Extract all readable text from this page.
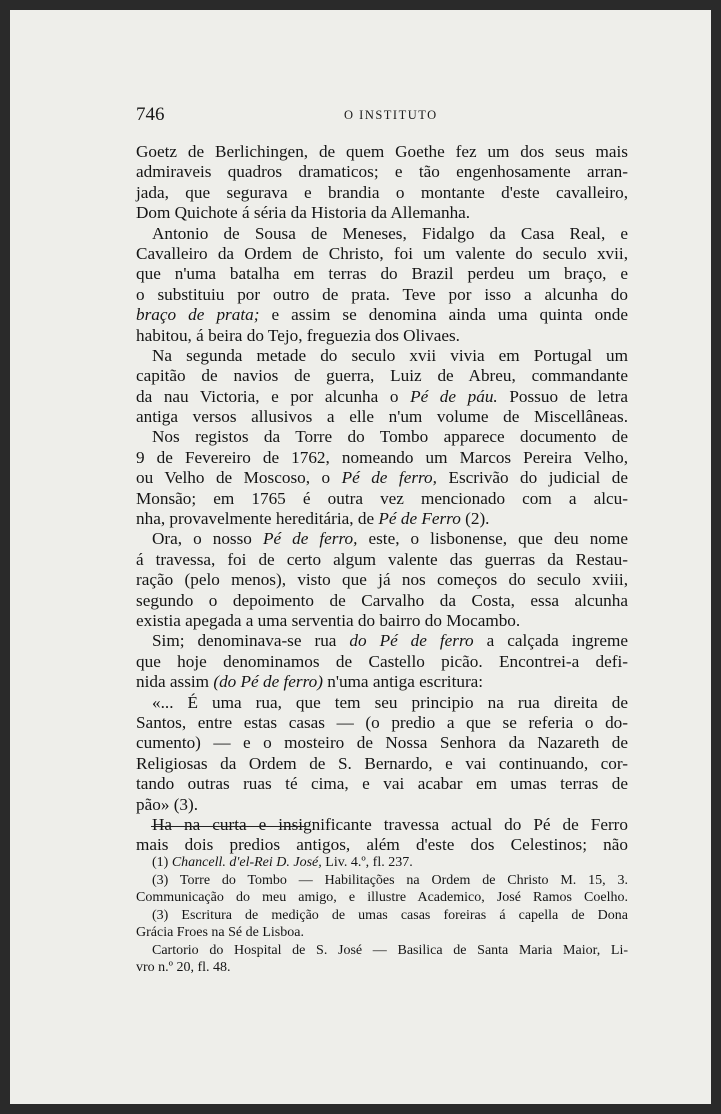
746	O INSTITUTO
Goetz de Berlichingen, de quem Goethe fez um dos seus mais
admiraveis quadros dramaticos; e tão engenhosamente arran-
jada, que segurava e brandia o montante d'este cavalleiro,
Dom Quichote á séria da Historia da Allemanha.
Antonio de Sousa de Meneses, Fidalgo da Casa Real, e
Cavalleiro da Ordem de Christo, foi um valente do seculo xvii,
que n'uma batalha em terras do Brazil perdeu um braço, e
o substituiu por outro de prata. Teve por isso a alcunha do
braço de prata; e assim se denomina ainda uma quinta onde
habitou, á beira do Tejo, freguezia dos Olivaes.
Na segunda metade do seculo xvii vivia em Portugal um
capitão de navios de guerra, Luiz de Abreu, commandante
da nau Victoria, e por alcunha o Pé de páu. Possuo de letra
antiga versos allusivos a elle n'um volume de Miscellâneas.
Nos registos da Torre do Tombo apparece documento de
9 de Fevereiro de 1762, nomeando um Marcos Pereira Velho,
ou Velho de Moscoso, o Pé de ferro, Escrivão do judicial de
Monsão; em 1765 é outra vez mencionado com a alcu-
nha, provavelmente hereditária, de Pé de Ferro (2).
Ora, o nosso Pé de ferro, este, o lisbonense, que deu nome
á travessa, foi de certo algum valente das guerras da Restau-
ração (pelo menos), visto que já nos começos do seculo xviii,
segundo o depoimento de Carvalho da Costa, essa alcunha
existia apegada a uma serventia do bairro do Mocambo.
Sim; denominava-se rua do Pé de ferro a calçada ingreme
que hoje denominamos de Castello picão. Encontrei-a defi-
nida assim (do Pé de ferro) n'uma antiga escritura:
«... É uma rua, que tem seu principio na rua direita de
Santos, entre estas casas — (o predio a que se referia o do-
cumento) — e o mosteiro de Nossa Senhora da Nazareth de
Religiosas da Ordem de S. Bernardo, e vai continuando, cor-
tando outras ruas té cima, e vai acabar em umas terras de
pão» (3).
Ha na curta e insignificante travessa actual do Pé de Ferro
mais dois predios antigos, além d'este dos Celestinos; não
(1) Chancell. d'el-Rei D. José, Liv. 4.º, fl. 237.
(3) Torre do Tombo — Habilitações na Ordem de Christo M. 15, 3.
Communicação do meu amigo, e illustre Academico, José Ramos Coelho.
(3) Escritura de medição de umas casas foreiras á capella de Dona
Grácia Froes na Sé de Lisboa.
Cartorio do Hospital de S. José — Basilica de Santa Maria Maior, Li-
vro n.º 20, fl. 48.
